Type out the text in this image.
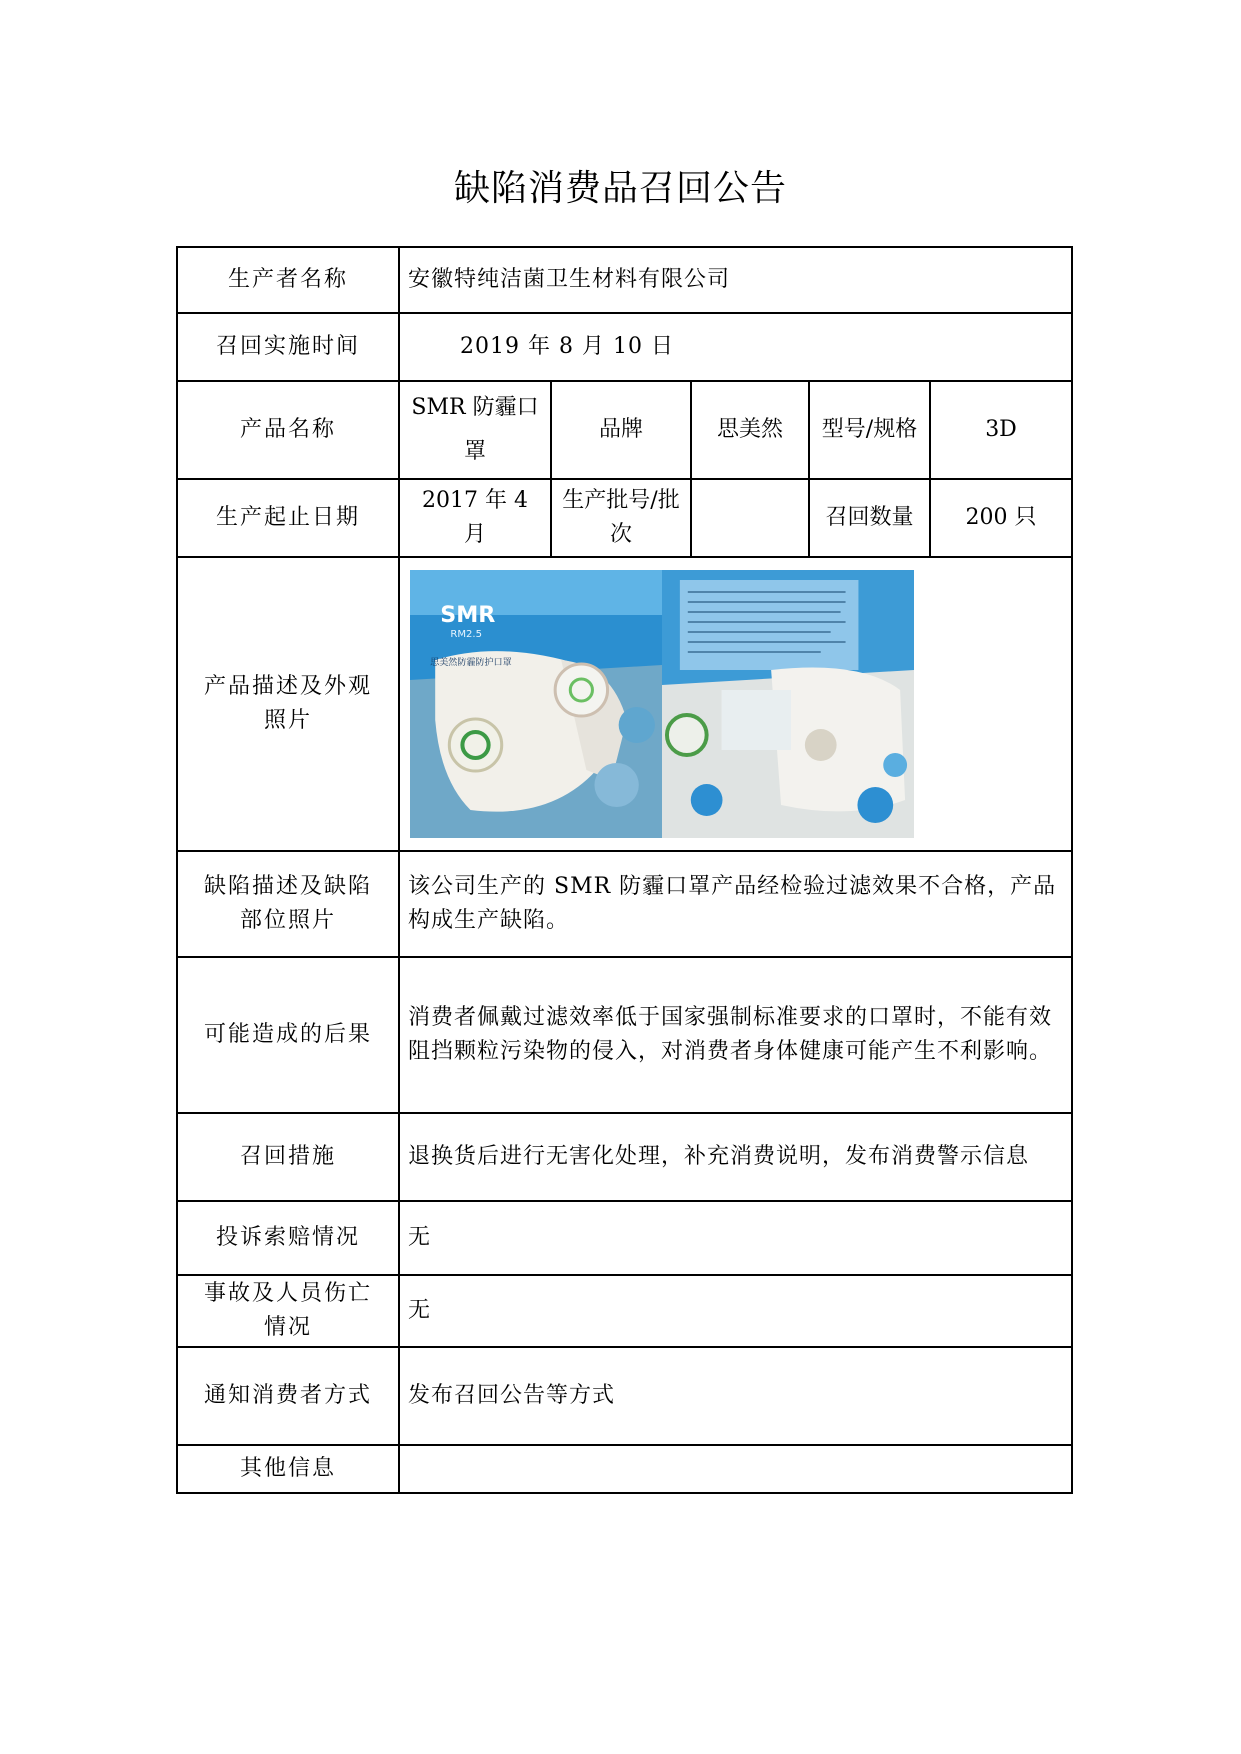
缺陷消费品召回公告
生产者名称	安徽特纯洁菌卫生材料有限公司				
召回实施时间	2019 年 8 月 10 日				
产品名称	SMR 防霾口罩	品牌	思美然	型号/规格	3D
生产起止日期	2017 年 4 月	生产批号/批次		召回数量	200 只
产品描述及外观照片	SMR
RM2.5
思美然防霾防护口罩				

缺陷描述及缺陷部位照片	该公司生产的 SMR 防霾口罩产品经检验过滤效果不合格，产品构成生产缺陷。				
可能造成的后果	消费者佩戴过滤效率低于国家强制标准要求的口罩时，不能有效阻挡颗粒污染物的侵入，对消费者身体健康可能产生不利影响。				
召回措施	退换货后进行无害化处理，补充消费说明，发布消费警示信息				
投诉索赔情况	无				
事故及人员伤亡情况	无				
通知消费者方式	发布召回公告等方式				
其他信息					
